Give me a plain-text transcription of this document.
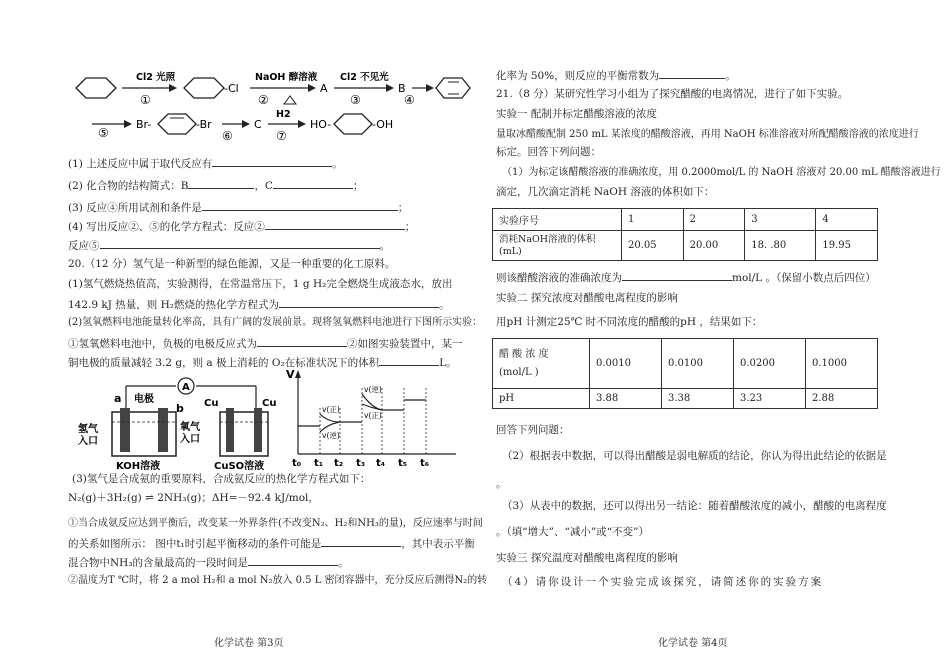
Cl2 光照
①
-Cl
NaOH 醇溶液
②
A
Cl2 不见光
③
B
④
⑤
Br-	-Br
⑥
C
H2
⑦
HO-	-OH
(1) 上述反应中属于取代反应有	。
(2) 化合物的结构简式：B	，C	；
(3) 反应④所用试剂和条件是	；
(4) 写出反应②、⑤的化学方程式：反应②	；
反应⑤	。
20.（12 分）氢气是一种新型的绿色能源，又是一种重要的化工原料。
(1)氢气燃烧热值高，实验测得，在常温常压下，1 g H₂完全燃烧生成液态水，放出
142.9 kJ 热量，则 H₂燃烧的热化学方程式为	。
(2)氢氧燃料电池能量转化率高，具有广阔的发展前景。现将氢氧燃料电池进行下图所示实验：
①氢氧燃料电池中，负极的电极反应式为	②如图实验装置中，某一
铜电极的质量减轻 3.2 g，则 a 极上消耗的 O₂在标准状况下的体积	L。
A
电极
a
b Cu	Cu
氢气
入口
氧气
入口
KOH溶液	CuSO溶液
V
v(正)
v(逆)
v(逆)
v(正)
t₀ t₁ t₂ t₃ t₄ t₅ t₆
(3)氢气是合成氨的重要原料，合成氨反应的热化学方程式如下：
N₂(g)＋3H₂(g) ⇌ 2NH₃(g)；ΔH=－92.4 kJ/mol，
①当合成氨反应达到平衡后，改变某一外界条件(不改变N₂、H₂和NH₃的量)，反应速率与时间
的关系如图所示： 图中t₁时引起平衡移动的条件可能是	，其中表示平衡
混合物中NH₃的含量最高的一段时间是	。
②温度为T ℃时，将 2 a mol H₂和 a mol N₂放入 0.5 L 密闭容器中，充分反应后测得N₂的转
化学试卷 第3页
化率为 50%，则反应的平衡常数为	。
21.（8 分）某研究性学习小组为了探究醋酸的电离情况，进行了如下实验。
实验一 配制并标定醋酸溶液的浓度
量取冰醋酸配制 250 mL 某浓度的醋酸溶液，再用 NaOH 标准溶液对所配醋酸溶液的浓度进行
标定。回答下列问题：
（1）为标定该醋酸溶液的准确浓度，用 0.2000mol/L 的 NaOH 溶液对 20.00 mL 醋酸溶液进行
滴定，几次滴定消耗 NaOH 溶液的体积如下：
实验序号	1	2	3	4
消耗NaOH溶液的体积
(mL)	20.05	20.00	18. .80	19.95
则该醋酸溶液的准确浓度为	mol/L 。（保留小数点后四位）
实验二 探究浓度对醋酸电离程度的影响
用pH 计测定25℃ 时不同浓度的醋酸的pH ，结果如下：
醋 酸 浓 度
(mol/L )	0.0010	0.0100	0.0200	0.1000
pH	3.88	3.38	3.23	2.88
回答下列问题：
（2）根据表中数据，可以得出醋酸是弱电解质的结论，你认为得出此结论的依据是
。
（3）从表中的数据，还可以得出另一结论：随着醋酸浓度的减小，醋酸的电离程度
。（填“增大”、“减小”或“不变”）
实验三 探究温度对醋酸电离程度的影响
（4）请你设计一个实验完成该探究，请简述你的实验方案
化学试卷 第4页
